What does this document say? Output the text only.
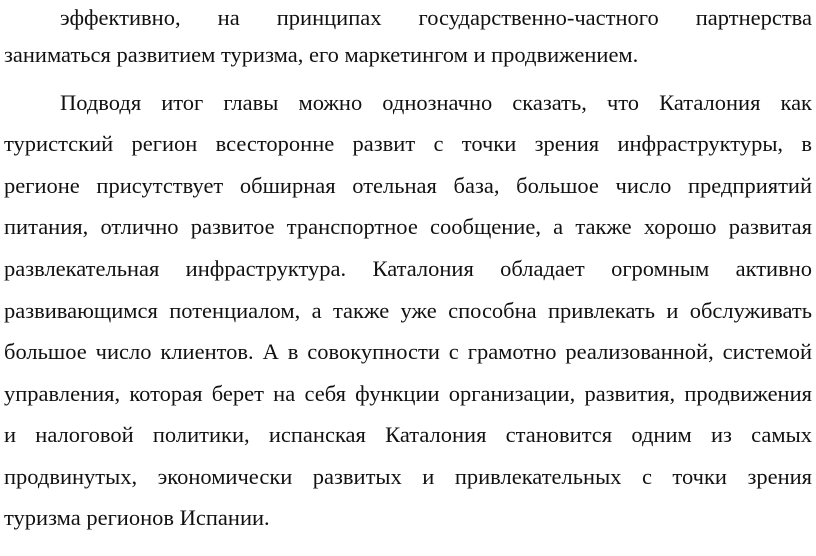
эффективно, на принципах государственно-частного партнерства
заниматься развитием туризма, его маркетингом и продвижением.
Подводя итог главы можно однозначно сказать, что Каталония как
туристский регион всесторонне развит с точки зрения инфраструктуры, в
регионе присутствует обширная отельная база, большое число предприятий
питания, отлично развитое транспортное сообщение, а также хорошо развитая
развлекательная инфраструктура. Каталония обладает огромным активно
развивающимся потенциалом, а также уже способна привлекать и обслуживать
большое число клиентов. А в совокупности с грамотно реализованной, системой
управления, которая берет на себя функции организации, развития, продвижения
и налоговой политики, испанская Каталония становится одним из самых
продвинутых, экономически развитых и привлекательных с точки зрения
туризма регионов Испании.
